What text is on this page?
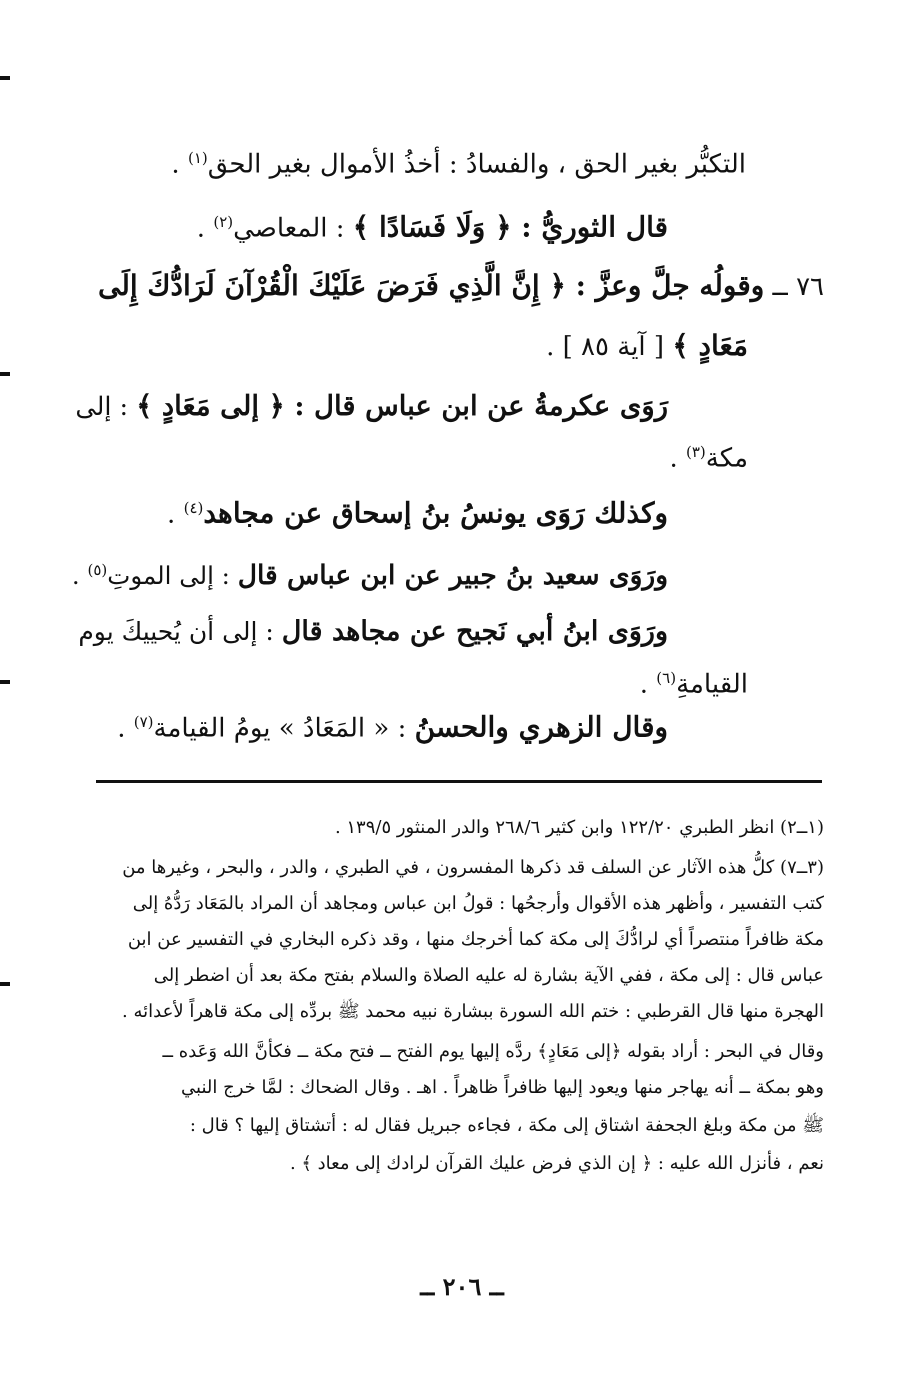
التكبُّر بغير الحق ، والفسادُ : أخذُ الأموال بغير الحق$^{(١)}$ .
قال الثوريُّ : ﴿ وَلَا فَسَادًا ﴾ : المعاصي$^{(٢)}$ .
٧٦ ــ وقولُه جلَّ وعزَّ : ﴿ إِنَّ الَّذِي فَرَضَ عَلَيْكَ الْقُرْآنَ لَرَادُّكَ إِلَى
مَعَادٍ ﴾ [ آية ٨٥ ] .
رَوَى عكرمةُ عن ابن عباس قال : ﴿ إلى مَعَادٍ ﴾ : إلى
مكة$^{(٣)}$ .
وكذلك رَوَى يونسُ بنُ إسحاق عن مجاهد$^{(٤)}$ .
ورَوَى سعيد بنُ جبير عن ابن عباس قال : إلى الموتِ$^{(٥)}$ .
ورَوَى ابنُ أبي نَجيح عن مجاهد قال : إلى أن يُحييكَ يوم
القيامةِ$^{(٦)}$ .
وقال الزهري والحسنُ : « المَعَادُ » يومُ القيامة$^{(٧)}$ .
(١ــ٢) انظر الطبري ١٢٢/٢٠ وابن كثير ٢٦٨/٦ والدر المنثور ١٣٩/٥ .
(٣ــ٧) كلُّ هذه الآثار عن السلف قد ذكرها المفسرون ، في الطبري ، والدر ، والبحر ، وغيرها من
كتب التفسير ، وأظهر هذه الأقوال وأرجحُها : قولُ ابن عباس ومجاهد أن المراد بالمَعَاد رَدُّهُ إلى
مكة ظافراً منتصراً أي لرادُّكَ إلى مكة كما أخرجك منها ، وقد ذكره البخاري في التفسير عن ابن
عباس قال : إلى مكة ، ففي الآية بشارة له عليه الصلاة والسلام بفتح مكة بعد أن اضطر إلى
الهجرة منها قال القرطبي : ختم الله السورة ببشارة نبيه محمد ﷺ بردِّه إلى مكة قاهراً لأعدائه .
وقال في البحر : أراد بقوله ﴿إلى مَعَادٍ﴾ ردَّه إليها يوم الفتح ــ فتح مكة ــ فكأنَّ الله وَعَده ــ
وهو بمكة ــ أنه يهاجر منها ويعود إليها ظافراً ظاهراً . اهـ . وقال الضحاك : لمَّا خرج النبي
ﷺ من مكة وبلغ الجحفة اشتاق إلى مكة ، فجاءه جبريل فقال له : أتشتاق إليها ؟ قال :
نعم ، فأنزل الله عليه : ﴿ إن الذي فرض عليك القرآن لرادك إلى معاد ﴾ .
ــ ٢٠٦ ــ
